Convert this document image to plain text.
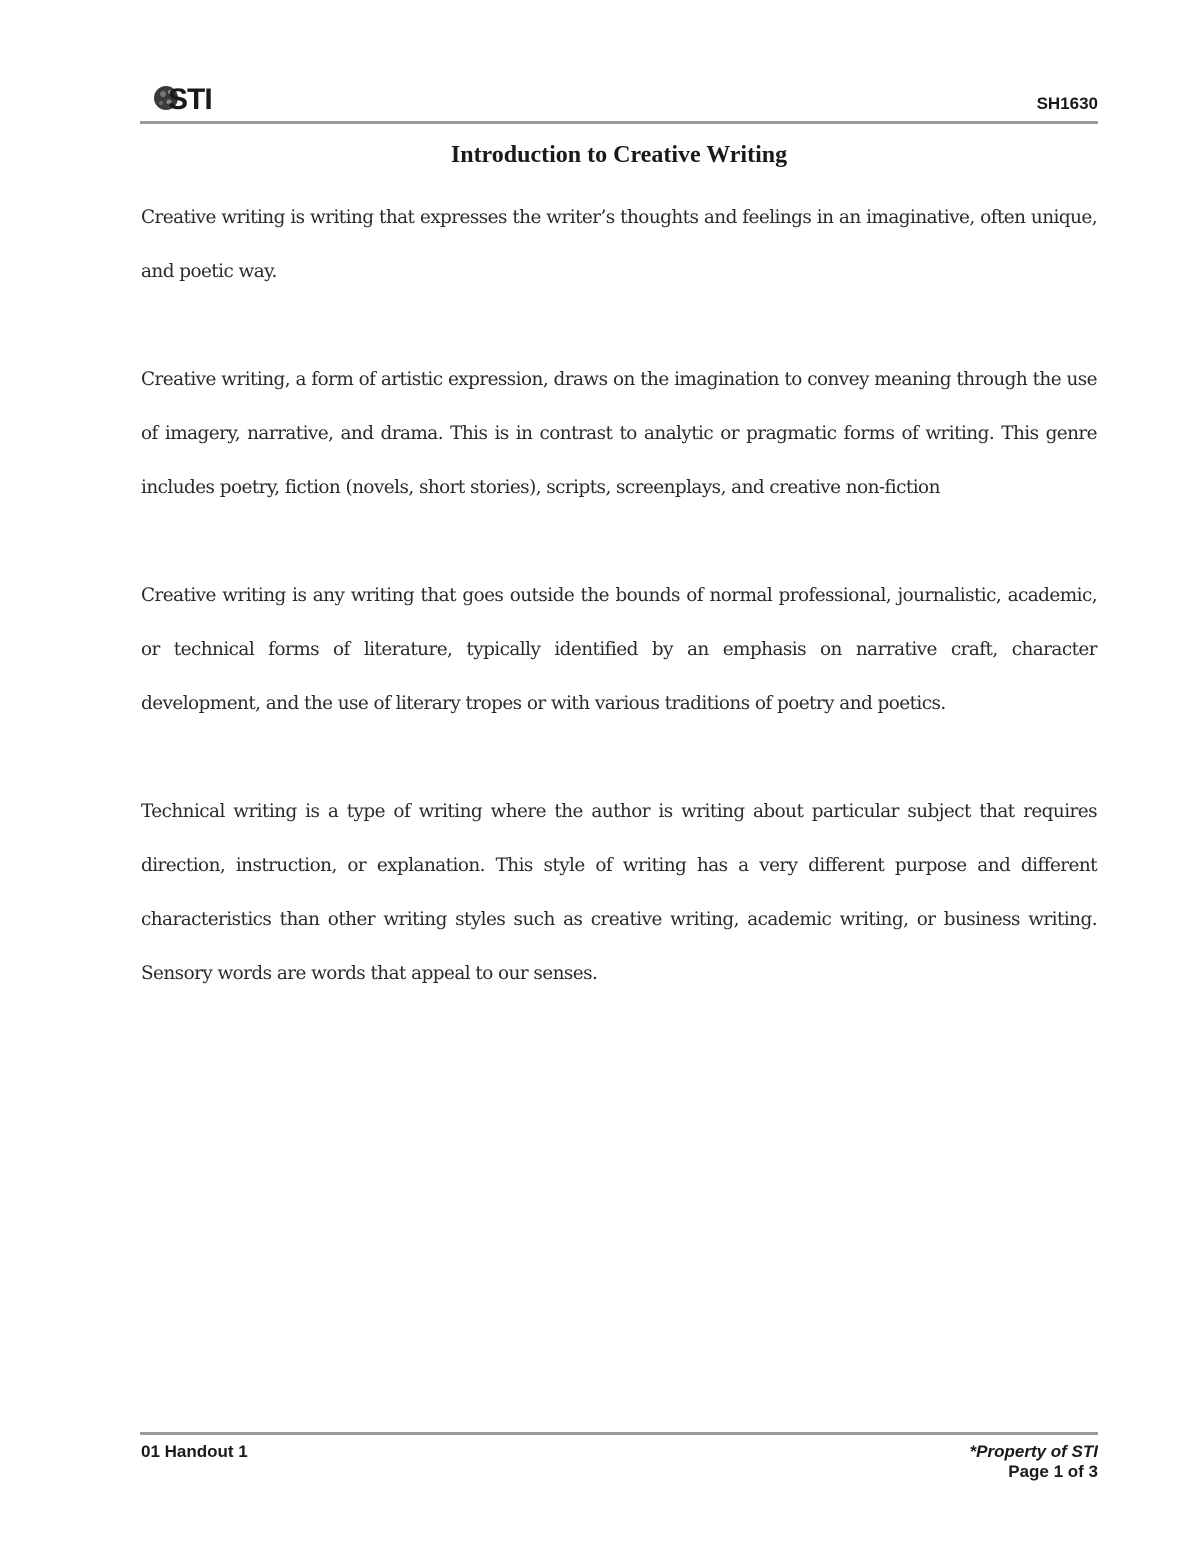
STI	SH1630
Introduction to Creative Writing

Creative writing is writing that expresses the writer’s thoughts and feelings in an imaginative, often unique, and poetic way.

Creative writing, a form of artistic expression, draws on the imagination to convey meaning through the use of imagery, narrative, and drama. This is in contrast to analytic or pragmatic forms of writing. This genre includes poetry, fiction (novels, short stories), scripts, screenplays, and creative non-fiction

Creative writing is any writing that goes outside the bounds of normal professional, journalistic, academic, or technical forms of literature, typically identified by an emphasis on narrative craft, character development, and the use of literary tropes or with various traditions of poetry and poetics.

Technical writing is a type of writing where the author is writing about particular subject that requires direction, instruction, or explanation. This style of writing has a very different purpose and different characteristics than other writing styles such as creative writing, academic writing, or business writing. Sensory words are words that appeal to our senses.

01 Handout 1	*Property of STI
Page 1 of 3
